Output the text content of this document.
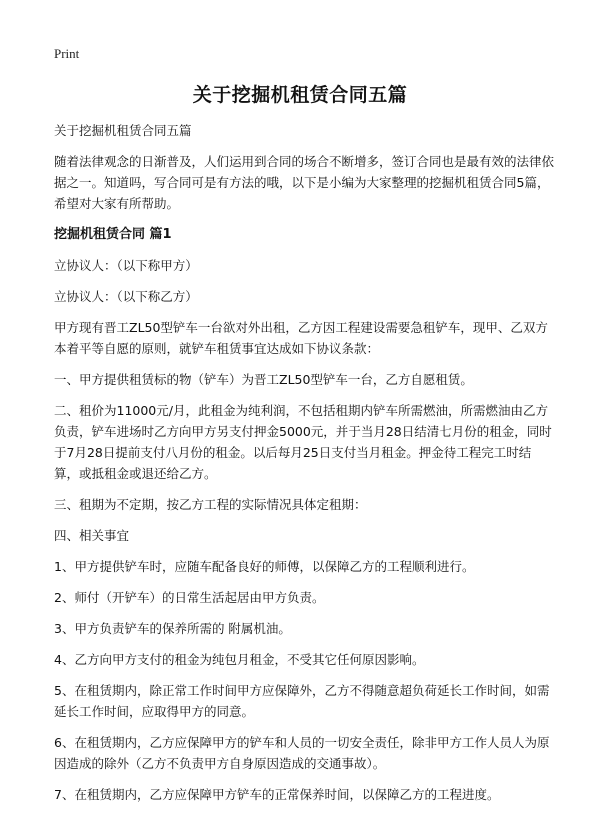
Print
关于挖掘机租赁合同五篇

关于挖掘机租赁合同五篇

随着法律观念的日渐普及，人们运用到合同的场合不断增多，签订合同也是最有效的法律依据之一。知道吗，写合同可是有方法的哦，以下是小编为大家整理的挖掘机租赁合同5篇，希望对大家有所帮助。

挖掘机租赁合同 篇1

立协议人：（以下称甲方）

立协议人：（以下称乙方）

甲方现有晋工ZL50型铲车一台欲对外出租，乙方因工程建设需要急租铲车，现甲、乙双方本着平等自愿的原则，就铲车租赁事宜达成如下协议条款：

一、甲方提供租赁标的物（铲车）为晋工ZL50型铲车一台，乙方自愿租赁。

二、租价为11000元/月，此租金为纯利润，不包括租期内铲车所需燃油，所需燃油由乙方负责，铲车进场时乙方向甲方另支付押金5000元，并于当月28日结清七月份的租金，同时于7月28日提前支付八月份的租金。以后每月25日支付当月租金。押金待工程完工时结算，或抵租金或退还给乙方。

三、租期为不定期，按乙方工程的实际情况具体定租期：

四、相关事宜

1、甲方提供铲车时，应随车配备良好的师傅，以保障乙方的工程顺利进行。

2、师付（开铲车）的日常生活起居由甲方负责。

3、甲方负责铲车的保养所需的 附属机油。

4、乙方向甲方支付的租金为纯包月租金，不受其它任何原因影响。

5、在租赁期内，除正常工作时间甲方应保障外，乙方不得随意超负荷延长工作时间，如需延长工作时间，应取得甲方的同意。

6、在租赁期内，乙方应保障甲方的铲车和人员的一切安全责任，除非甲方工作人员人为原因造成的除外（乙方不负责甲方自身原因造成的交通事故）。

7、在租赁期内，乙方应保障甲方铲车的正常保养时间，以保障乙方的工程进度。
